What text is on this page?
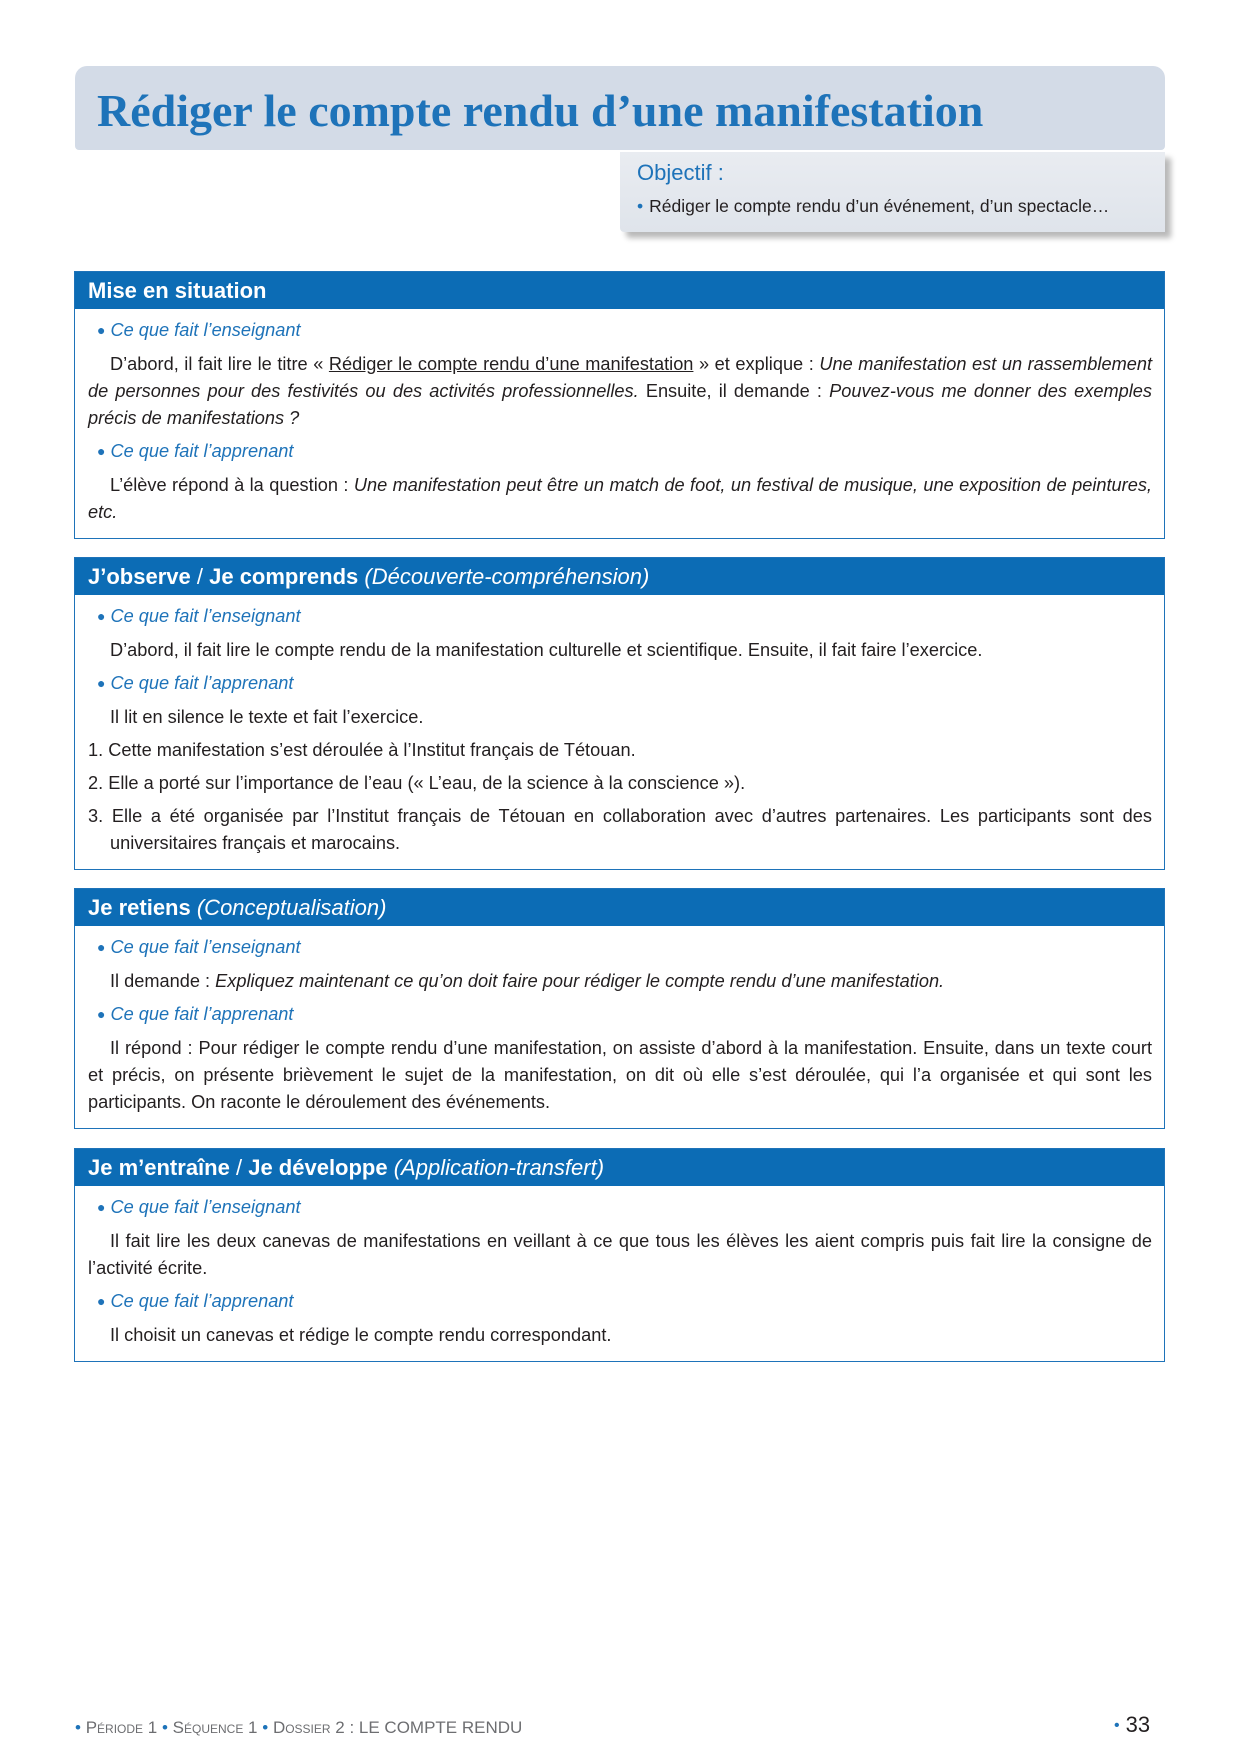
Rédiger le compte rendu d’une manifestation
Objectif :
• Rédiger le compte rendu d’un événement, d’un spectacle…
Mise en situation
● Ce que fait l’enseignant
D’abord, il fait lire le titre « Rédiger le compte rendu d’une manifestation » et explique : Une manifestation est un rassemblement de personnes pour des festivités ou des activités professionnelles. Ensuite, il demande : Pouvez-vous me donner des exemples précis de manifestations ?
● Ce que fait l’apprenant
L’élève répond à la question : Une manifestation peut être un match de foot, un festival de musique, une exposition de peintures, etc.
J’observe / Je comprends (Découverte-compréhension)
● Ce que fait l’enseignant
D’abord, il fait lire le compte rendu de la manifestation culturelle et scientifique. Ensuite, il fait faire l’exercice.
● Ce que fait l’apprenant
Il lit en silence le texte et fait l’exercice.
1. Cette manifestation s’est déroulée à l’Institut français de Tétouan.
2. Elle a porté sur l’importance de l’eau (« L’eau, de la science à la conscience »).
3. Elle a été organisée par l’Institut français de Tétouan en collaboration avec d’autres partenaires. Les participants sont des universitaires français et marocains.
Je retiens (Conceptualisation)
● Ce que fait l’enseignant
Il demande : Expliquez maintenant ce qu’on doit faire pour rédiger le compte rendu d’une manifestation.
● Ce que fait l’apprenant
Il répond : Pour rédiger le compte rendu d’une manifestation, on assiste d’abord à la manifestation. Ensuite, dans un texte court et précis, on présente brièvement le sujet de la manifestation, on dit où elle s’est déroulée, qui l’a organisée et qui sont les participants. On raconte le déroulement des événements.
Je m’entraîne / Je développe (Application-transfert)
● Ce que fait l’enseignant
Il fait lire les deux canevas de manifestations en veillant à ce que tous les élèves les aient compris puis fait lire la consigne de l’activité écrite.
● Ce que fait l’apprenant
Il choisit un canevas et rédige le compte rendu correspondant.
• Période 1 • Séquence 1 • Dossier 2 : LE COMPTE RENDU	• 33
